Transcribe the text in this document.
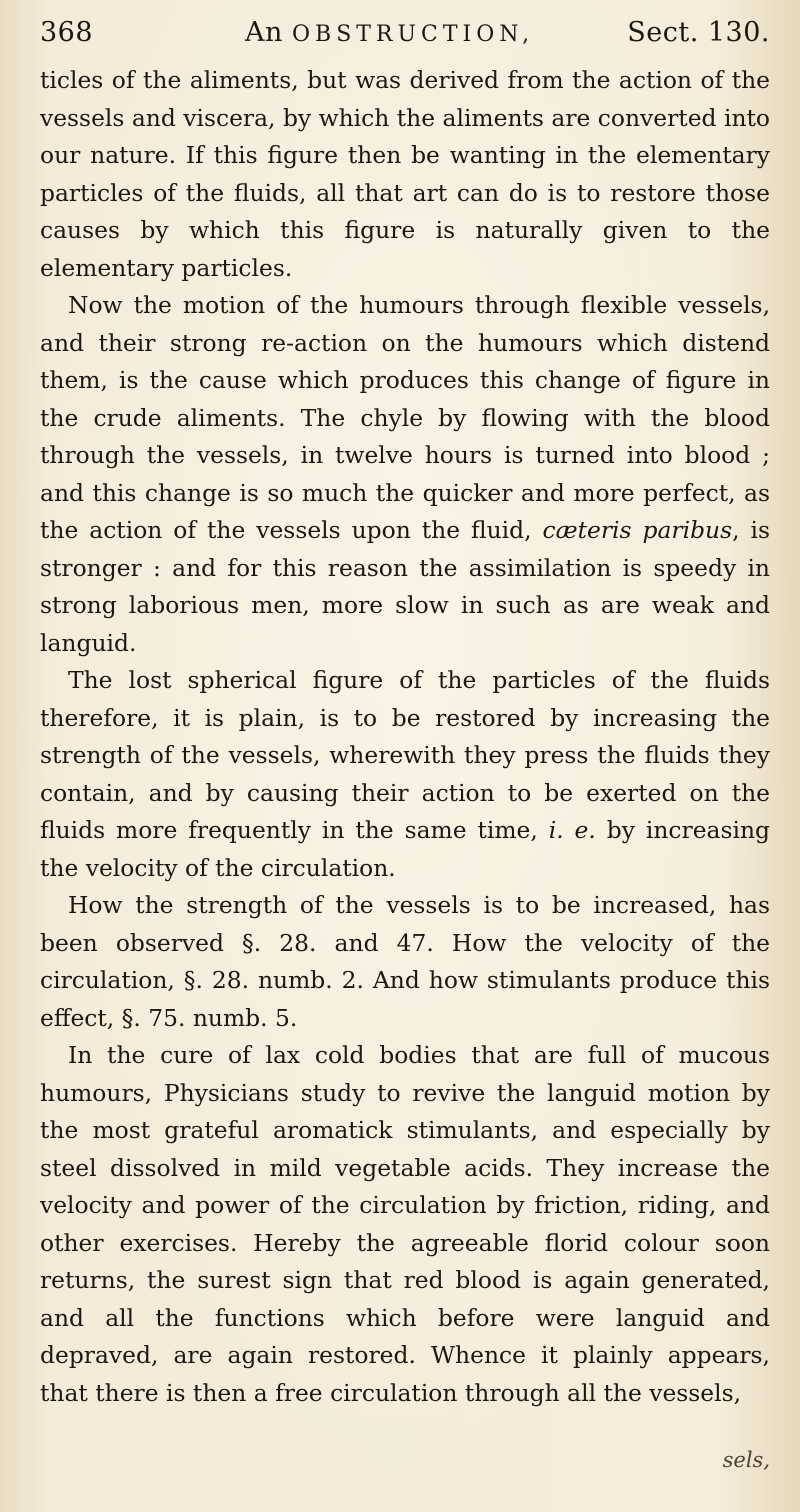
368	An OBSTRUCTION,	Sect. 130.

ticles of the aliments, but was derived from the action of the vessels and viscera, by which the aliments are converted into our nature. If this figure then be wanting in the elementary particles of the fluids, all that art can do is to restore those causes by which this figure is naturally given to the elementary particles.

Now the motion of the humours through flexible vessels, and their strong re-action on the humours which distend them, is the cause which produces this change of figure in the crude aliments. The chyle by flowing with the blood through the vessels, in twelve hours is turned into blood ; and this change is so much the quicker and more perfect, as the action of the vessels upon the fluid, cæteris paribus, is stronger : and for this reason the assimilation is speedy in strong laborious men, more slow in such as are weak and languid.

The lost spherical figure of the particles of the fluids therefore, it is plain, is to be restored by increasing the strength of the vessels, wherewith they press the fluids they contain, and by causing their action to be exerted on the fluids more frequently in the same time, i. e. by increasing the velocity of the circulation.

How the strength of the vessels is to be increased, has been observed §. 28. and 47. How the velocity of the circulation, §. 28. numb. 2. And how stimulants produce this effect, §. 75. numb. 5.

In the cure of lax cold bodies that are full of mucous humours, Physicians study to revive the languid motion by the most grateful aromatick stimulants, and especially by steel dissolved in mild vegetable acids. They increase the velocity and power of the circulation by friction, riding, and other exercises. Hereby the agreeable florid colour soon returns, the surest sign that red blood is again generated, and all the functions which before were languid and depraved, are again restored. Whence it plainly appears, that there is then a free circulation through all the vessels,

sels,
